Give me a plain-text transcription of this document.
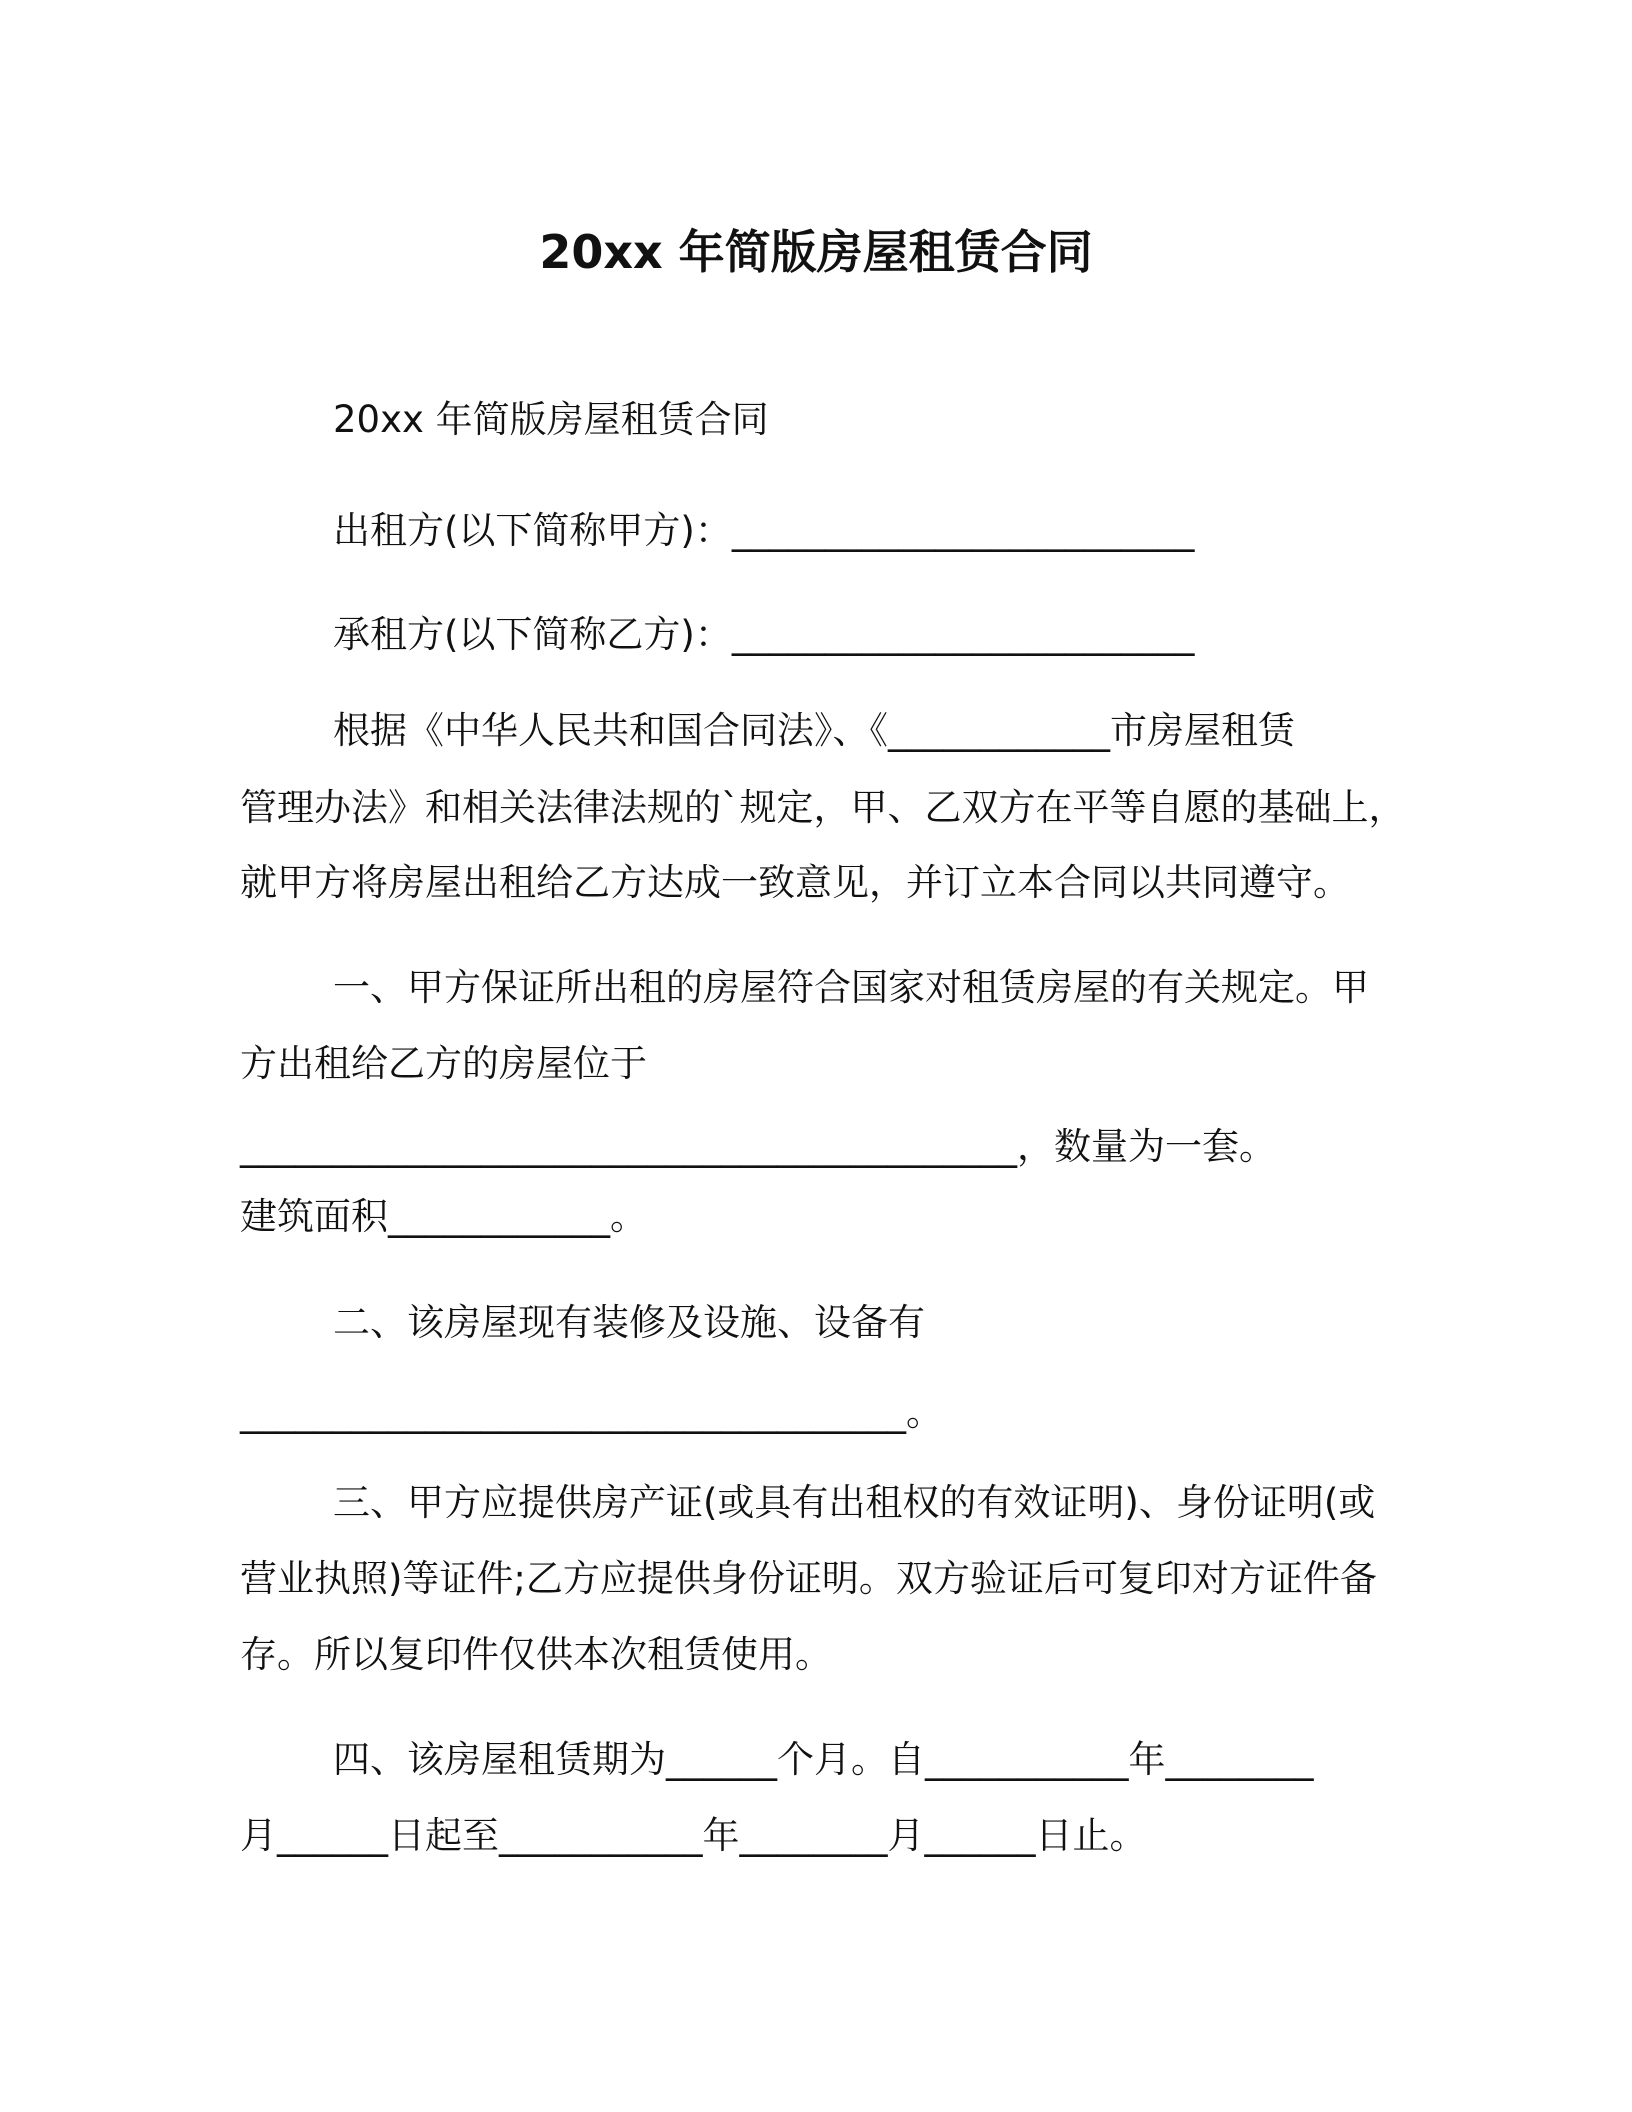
20xx 年简版房屋租赁合同
20xx 年简版房屋租赁合同
出租方(以下简称甲方)：_________________________
承租方(以下简称乙方)：_________________________
根据《中华人民共和国合同法》、《____________市房屋租赁
管理办法》和相关法律法规的`规定，甲、乙双方在平等自愿的基础上，
就甲方将房屋出租给乙方达成一致意见，并订立本合同以共同遵守。
一、甲方保证所出租的房屋符合国家对租赁房屋的有关规定。甲
方出租给乙方的房屋位于
__________________________________________，数量为一套。
建筑面积____________。
二、该房屋现有装修及设施、设备有
____________________________________。
三、甲方应提供房产证(或具有出租权的有效证明)、身份证明(或
营业执照)等证件;乙方应提供身份证明。双方验证后可复印对方证件备
存。所以复印件仅供本次租赁使用。
四、该房屋租赁期为______个月。自___________年________
月______日起至___________年________月______日止。
